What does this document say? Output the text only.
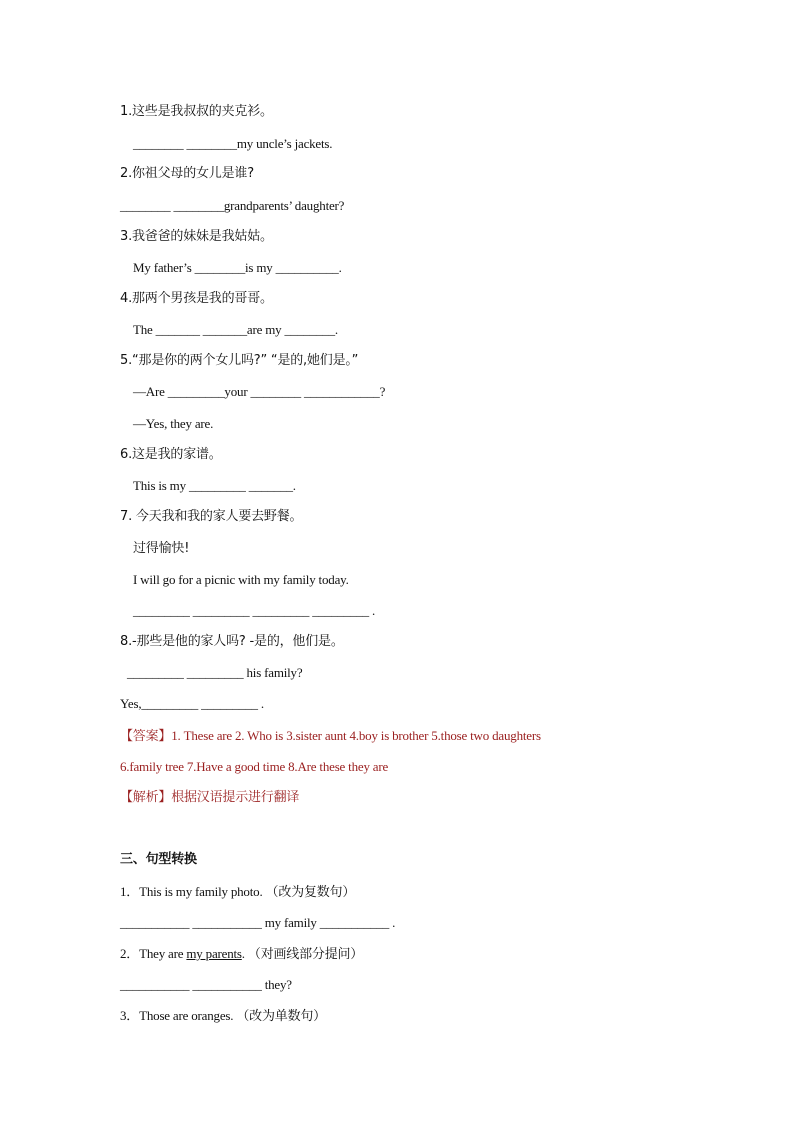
1.这些是我叔叔的夹克衫。
________ ________my uncle’s jackets.
2.你祖父母的女儿是谁?
________ ________grandparents’ daughter?
3.我爸爸的妹妹是我姑姑。
My father’s ________is my __________.
4.那两个男孩是我的哥哥。
The _______ _______are my ________.
5.“那是你的两个女儿吗?” “是的,她们是。”
—Are _________your ________ ____________?
—Yes, they are.
6.这是我的家谱。
This is my _________ _______.
7. 今天我和我的家人要去野餐。
过得愉快!
I will go for a picnic with my family today.
_________ _________ _________ _________ .
8.-那些是他的家人吗? -是的，他们是。
_________ _________ his family?
Yes,_________ _________ .
【答案】1. These are 2. Who is 3.sister aunt 4.boy is brother 5.those two daughters
6.family tree 7.Have a good time 8.Are these they are
【解析】根据汉语提示进行翻译
三、句型转换
1．This is my family photo. （改为复数句）
___________ ___________ my family ___________ .
2．They are my parents. （对画线部分提问）
___________ ___________ they?
3．Those are oranges. （改为单数句）
